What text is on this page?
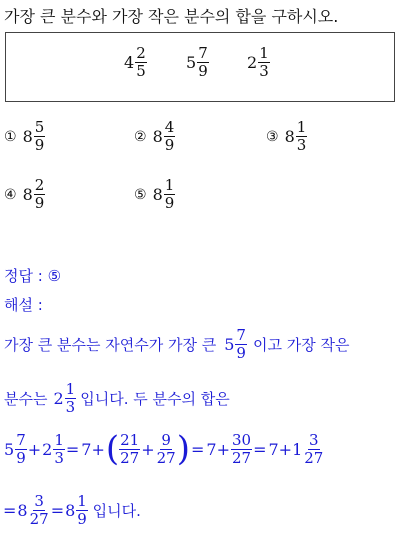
가장 큰 분수와 가장 작은 분수의 합을 구하시오.
$4 \frac{2}{5} 5 \frac{7}{9} 2 \frac{1}{3}$
① $8 \frac{5}{9}$	② $8 \frac{4}{9}$	③ $8 \frac{1}{3}$
④ $8 \frac{2}{9}$	⑤ $8 \frac{1}{9}$
정답 : ⑤
해설 :
가장 큰 분수는 자연수가 가장 큰 $5 \frac{7}{9}$ 이고 가장 작은
분수는 $2 \frac{1}{3}$ 입니다. 두 분수의 합은
$5 \frac{7}{9} + 2 \frac{1}{3} = 7+$ ( $\frac{21}{27} + \frac{9}{27}$ ) = $7+ \frac{30}{27} = 7+1 \frac{3}{27}$
= $8 \frac{3}{27} = 8 \frac{1}{9}$ 입니다.
